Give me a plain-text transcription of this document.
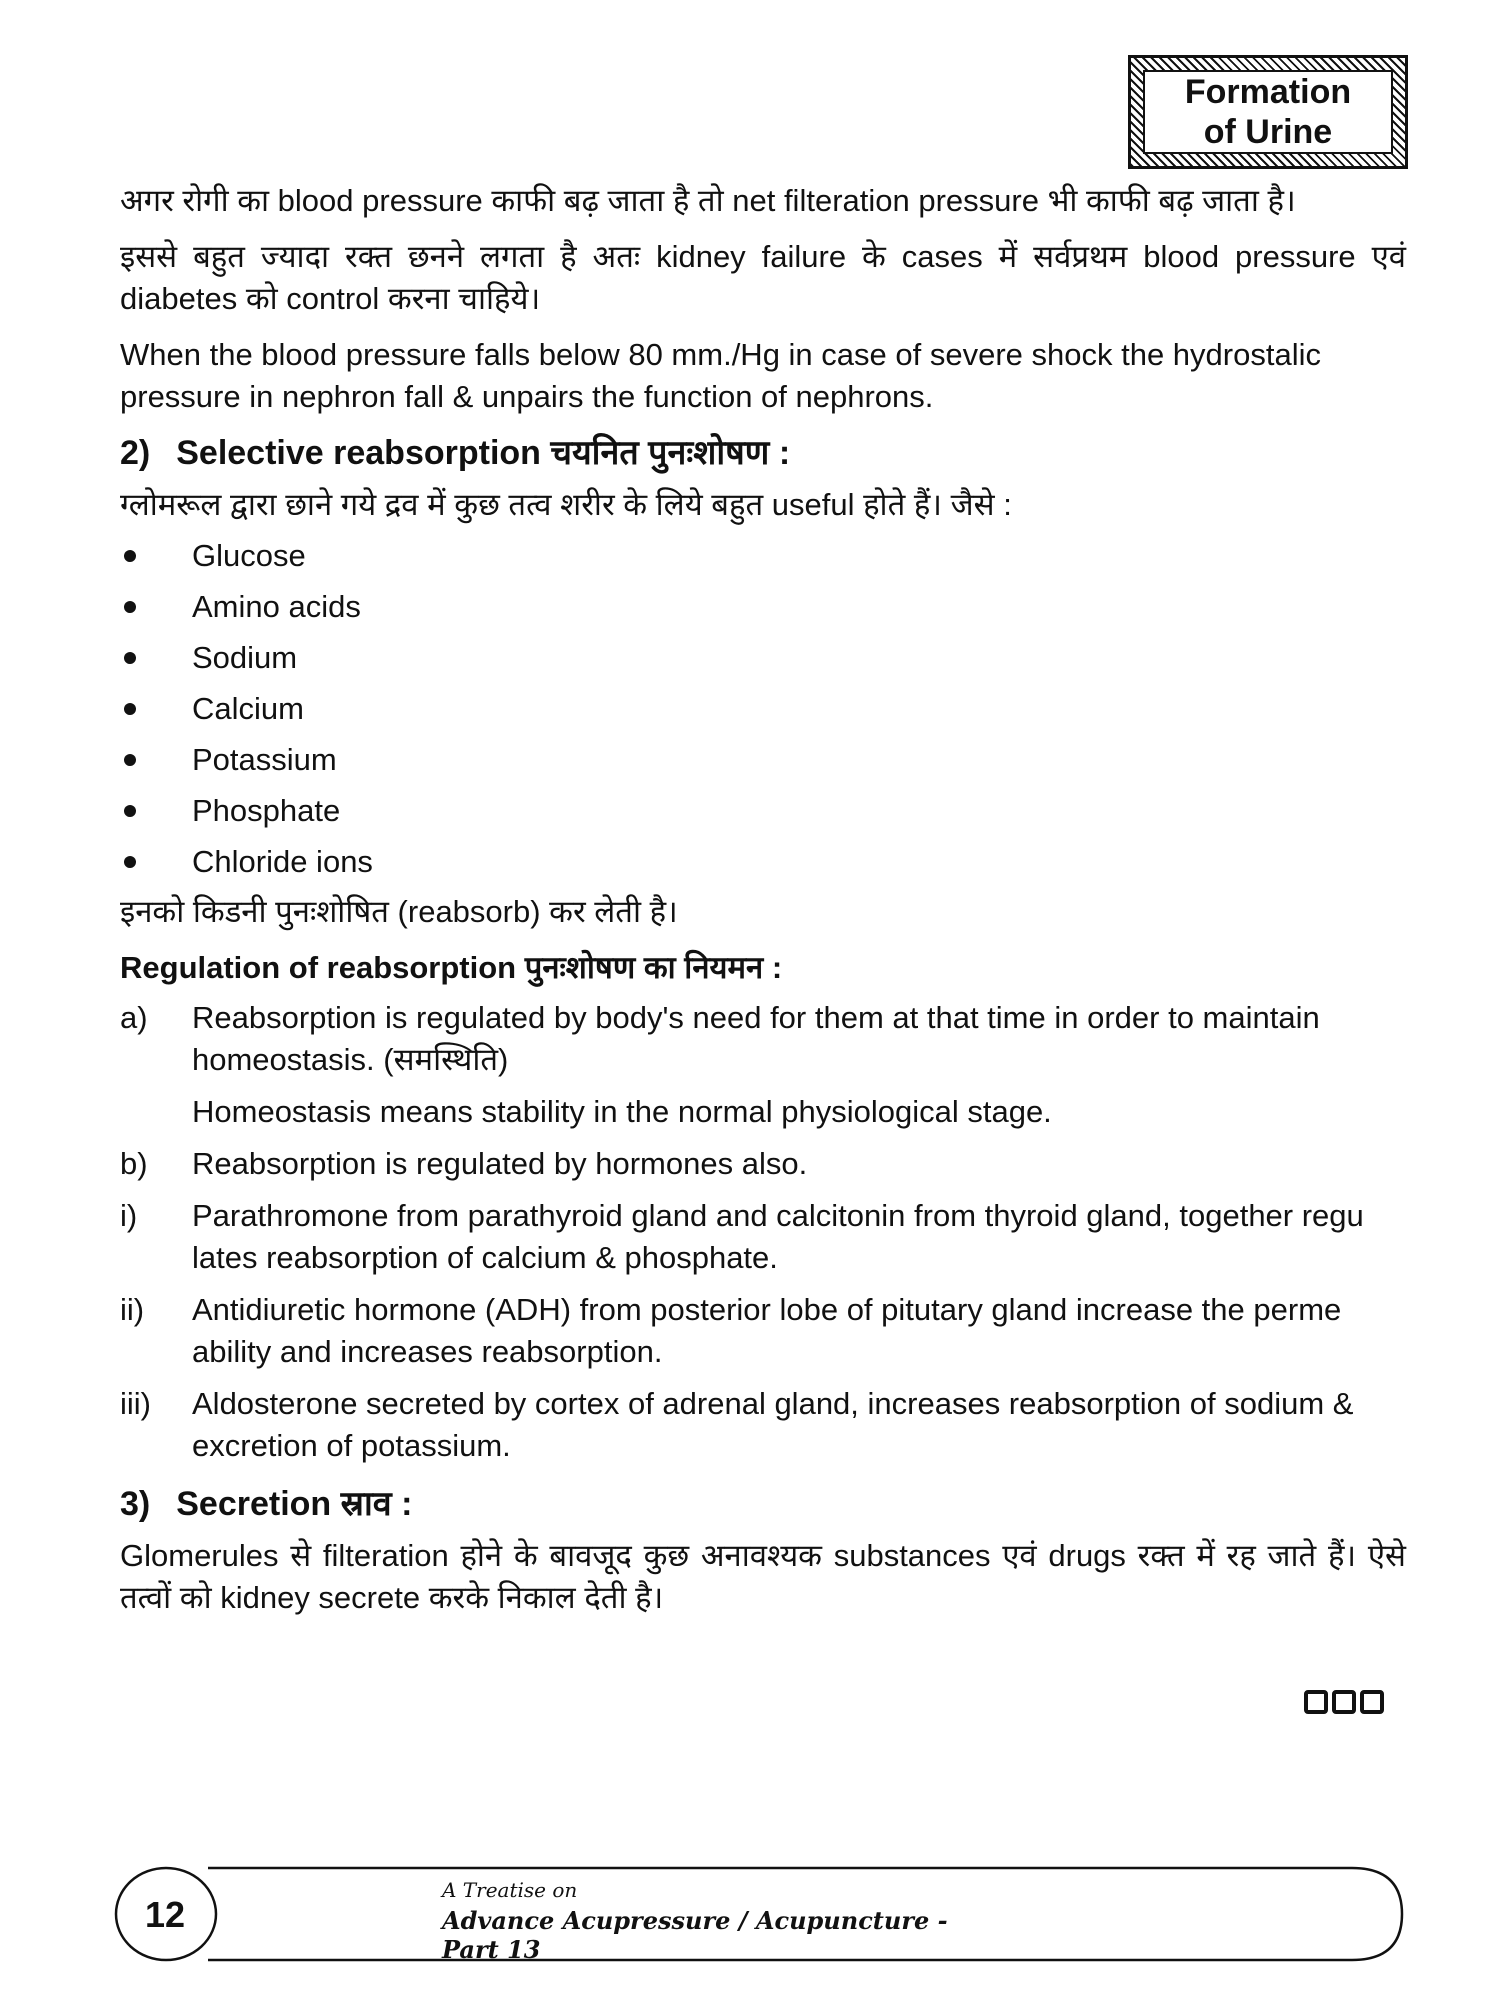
Formation
of Urine

अगर रोगी का blood pressure काफी बढ़ जाता है तो net filteration pressure भी काफी बढ़ जाता है।

इससे बहुत ज्यादा रक्त छनने लगता है अतः kidney failure के cases में सर्वप्रथम blood pressure एवं diabetes को control करना चाहिये।

When the blood pressure falls below 80 mm./Hg in case of severe shock the hydrostalic pressure in nephron fall & unpairs the function of nephrons.

2) Selective reabsorption चयनित पुनःशोषण :

ग्लोमरूल द्वारा छाने गये द्रव में कुछ तत्व शरीर के लिये बहुत useful होते हैं। जैसे :

Glucose
Amino acids
Sodium
Calcium
Potassium
Phosphate
Chloride ions

इनको किडनी पुनःशोषित (reabsorb) कर लेती है।

Regulation of reabsorption पुनःशोषण का नियमन :
a)	Reabsorption is regulated by body's need for them at that time in order to maintain homeostasis. (समस्थिति)
Homeostasis means stability in the normal physiological stage.
b)	Reabsorption is regulated by hormones also.
i)	Parathromone from parathyroid gland and calcitonin from thyroid gland, together regu lates reabsorption of calcium & phosphate.
ii)	Antidiuretic hormone (ADH) from posterior lobe of pitutary gland increase the perme ability and increases reabsorption.
iii)	Aldosterone secreted by cortex of adrenal gland, increases reabsorption of sodium & excretion of potassium.
3) Secretion स्राव :

Glomerules से filteration होने के बावजूद कुछ अनावश्यक substances एवं drugs रक्त में रह जाते हैं। ऐसे तत्वों को kidney secrete करके निकाल देती है।

12
A Treatise on
Advance Acupressure / Acupuncture - Part 13
